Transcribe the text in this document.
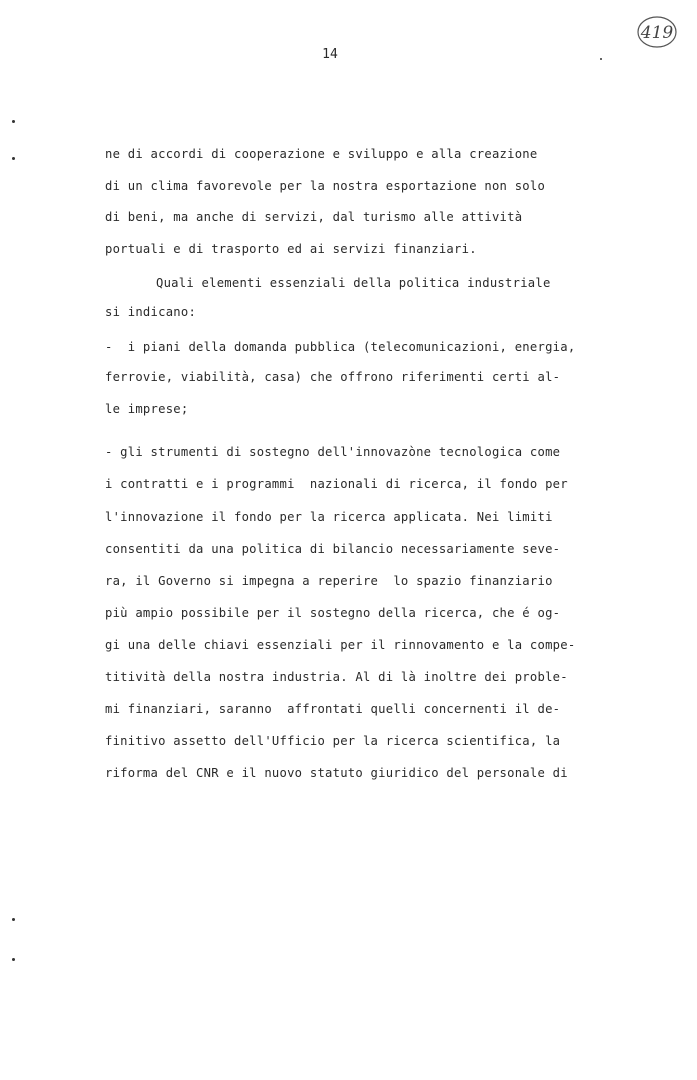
14
419
ne di accordi di cooperazione e sviluppo e alla creazione
di un clima favorevole per la nostra esportazione non solo
di beni, ma anche di servizi, dal turismo alle attività
portuali e di trasporto ed ai servizi finanziari.
Quali elementi essenziali della politica industriale
si indicano:
-  i piani della domanda pubblica (telecomunicazioni, energia,
ferrovie, viabilità, casa) che offrono riferimenti certi al-
le imprese;
- gli strumenti di sostegno dell'innovazòne tecnologica come
i contratti e i programmi  nazionali di ricerca, il fondo per
l'innovazione il fondo per la ricerca applicata. Nei limiti
consentiti da una politica di bilancio necessariamente seve-
ra, il Governo si impegna a reperire  lo spazio finanziario
più ampio possibile per il sostegno della ricerca, che é og-
gi una delle chiavi essenziali per il rinnovamento e la compe-
titività della nostra industria. Al di là inoltre dei proble-
mi finanziari, saranno  affrontati quelli concernenti il de-
finitivo assetto dell'Ufficio per la ricerca scientifica, la
riforma del CNR e il nuovo statuto giuridico del personale di
